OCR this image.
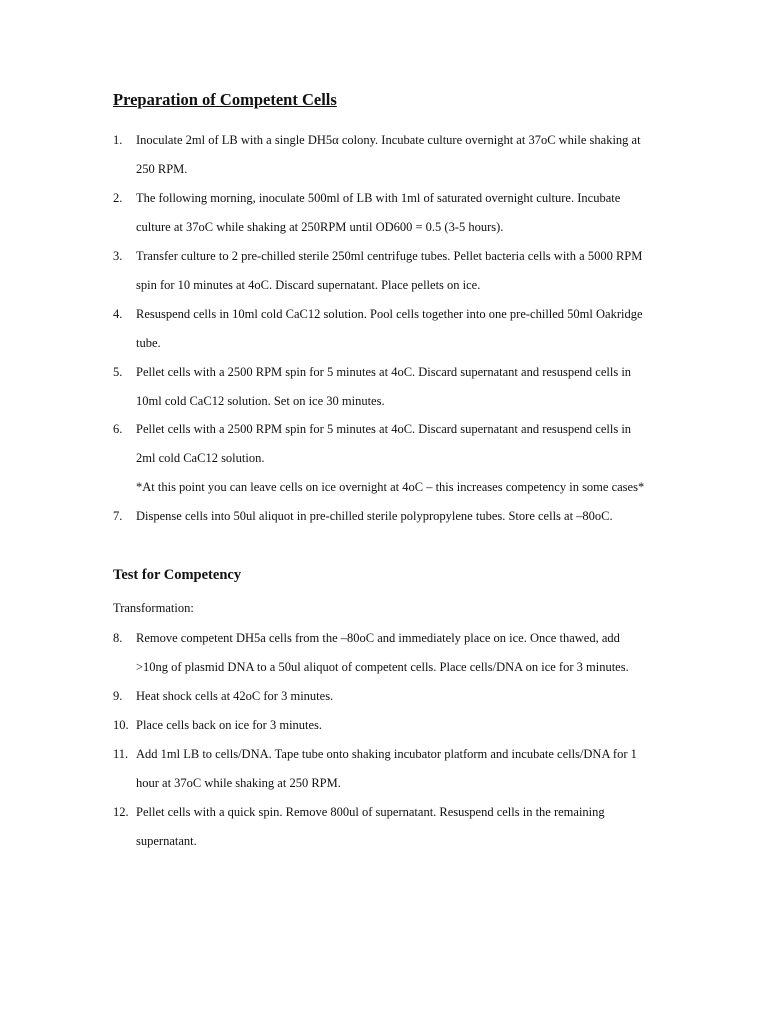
Preparation of Competent Cells
1. Inoculate 2ml of LB with a single DH5α colony. Incubate culture overnight at 37oC while shaking at
250 RPM.
2. The following morning, inoculate 500ml of LB with 1ml of saturated overnight culture. Incubate
culture at 37oC while shaking at 250RPM until OD600 = 0.5 (3-5 hours).
3. Transfer culture to 2 pre-chilled sterile 250ml centrifuge tubes. Pellet bacteria cells with a 5000 RPM
spin for 10 minutes at 4oC. Discard supernatant. Place pellets on ice.
4. Resuspend cells in 10ml cold CaC12 solution. Pool cells together into one pre-chilled 50ml Oakridge
tube.
5. Pellet cells with a 2500 RPM spin for 5 minutes at 4oC. Discard supernatant and resuspend cells in
10ml cold CaC12 solution. Set on ice 30 minutes.
6. Pellet cells with a 2500 RPM spin for 5 minutes at 4oC. Discard supernatant and resuspend cells in
2ml cold CaC12 solution.
*At this point you can leave cells on ice overnight at 4oC – this increases competency in some cases*
7. Dispense cells into 50ul aliquot in pre-chilled sterile polypropylene tubes. Store cells at –80oC.
Test for Competency
Transformation:
8. Remove competent DH5a cells from the –80oC and immediately place on ice. Once thawed, add
>10ng of plasmid DNA to a 50ul aliquot of competent cells. Place cells/DNA on ice for 3 minutes.
9. Heat shock cells at 42oC for 3 minutes.
10. Place cells back on ice for 3 minutes.
11. Add 1ml LB to cells/DNA. Tape tube onto shaking incubator platform and incubate cells/DNA for 1
hour at 37oC while shaking at 250 RPM.
12. Pellet cells with a quick spin. Remove 800ul of supernatant. Resuspend cells in the remaining
supernatant.
